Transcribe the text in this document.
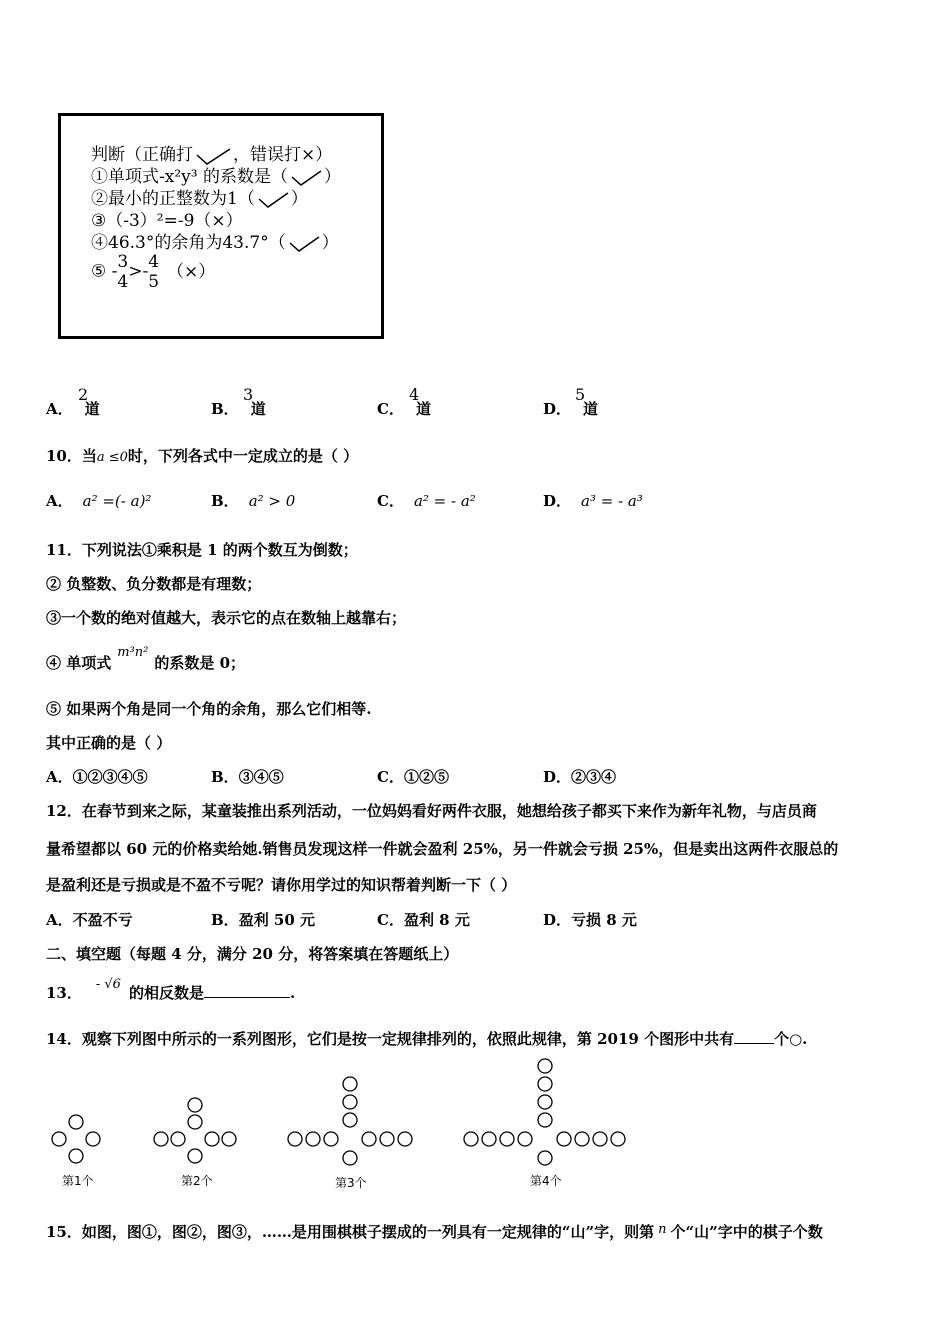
判断（正确打 ，错误打×）
①单项式-x²y³ 的系数是（ ）
②最小的正整数为1（ ）
③（-3）²=-9（×）
④46.3°的余角为43.7°（ ）
⑤ - 3
4
>- 4
5
（×）
A． 道
2
B． 道
3
C． 道
4
D． 道
5
10．当a ≤0时，下列各式中一定成立的是（ ）
A． a² =(- a)²	B． a² > 0	C． a² = - a²	D． a³ = - a³
11．下列说法①乘积是 1 的两个数互为倒数；
② 负整数、负分数都是有理数；
③一个数的绝对值越大，表示它的点在数轴上越靠右；
④ 单项式m³n²的系数是 0；
⑤ 如果两个角是同一个角的余角，那么它们相等.
其中正确的是（ ）
A．①②③④⑤	B．③④⑤	C．①②⑤	D．②③④
12．在春节到来之际，某童装推出系列活动，一位妈妈看好两件衣服，她想给孩子都买下来作为新年礼物，与店员商
量希望都以 60 元的价格卖给她.销售员发现这样一件就会盈利 25%，另一件就会亏损 25%，但是卖出这两件衣服总的
是盈利还是亏损或是不盈不亏呢？请你用学过的知识帮着判断一下（ ）
A．不盈不亏	B．盈利 50 元	C．盈利 8 元	D．亏损 8 元
二、填空题（每题 4 分，满分 20 分，将答案填在答题纸上）
13． - √6 的相反数是	.
14．观察下列图中所示的一系列图形，它们是按一定规律排列的，依照此规律，第 2019 个图形中共有	个○.
第1个	第2个	第3个	第4个
15．如图，图①，图②，图③，……是用围棋棋子摆成的一列具有一定规律的“山”字，则第 n 个“山”字中的棋子个数
